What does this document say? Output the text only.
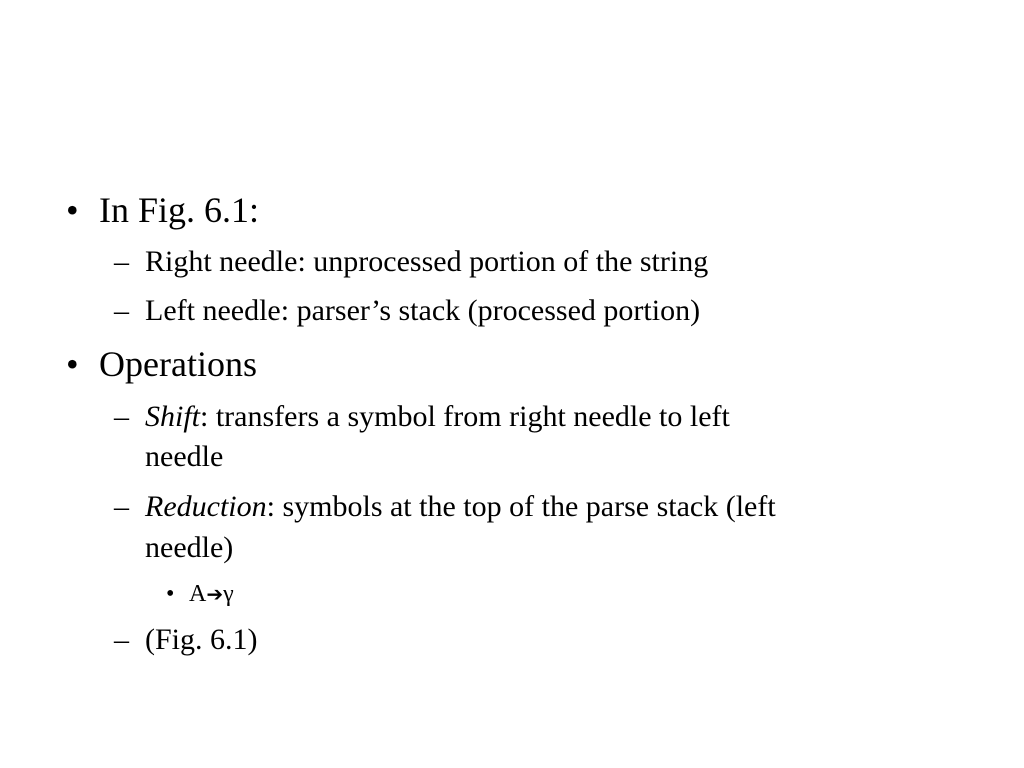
• In Fig. 6.1:
– Right needle: unprocessed portion of the string
– Left needle: parser’s stack (processed portion)
• Operations
– Shift: transfers a symbol from right needle to left
needle
– Reduction: symbols at the top of the parse stack (left
needle)
• A➔γ
– (Fig. 6.1)
